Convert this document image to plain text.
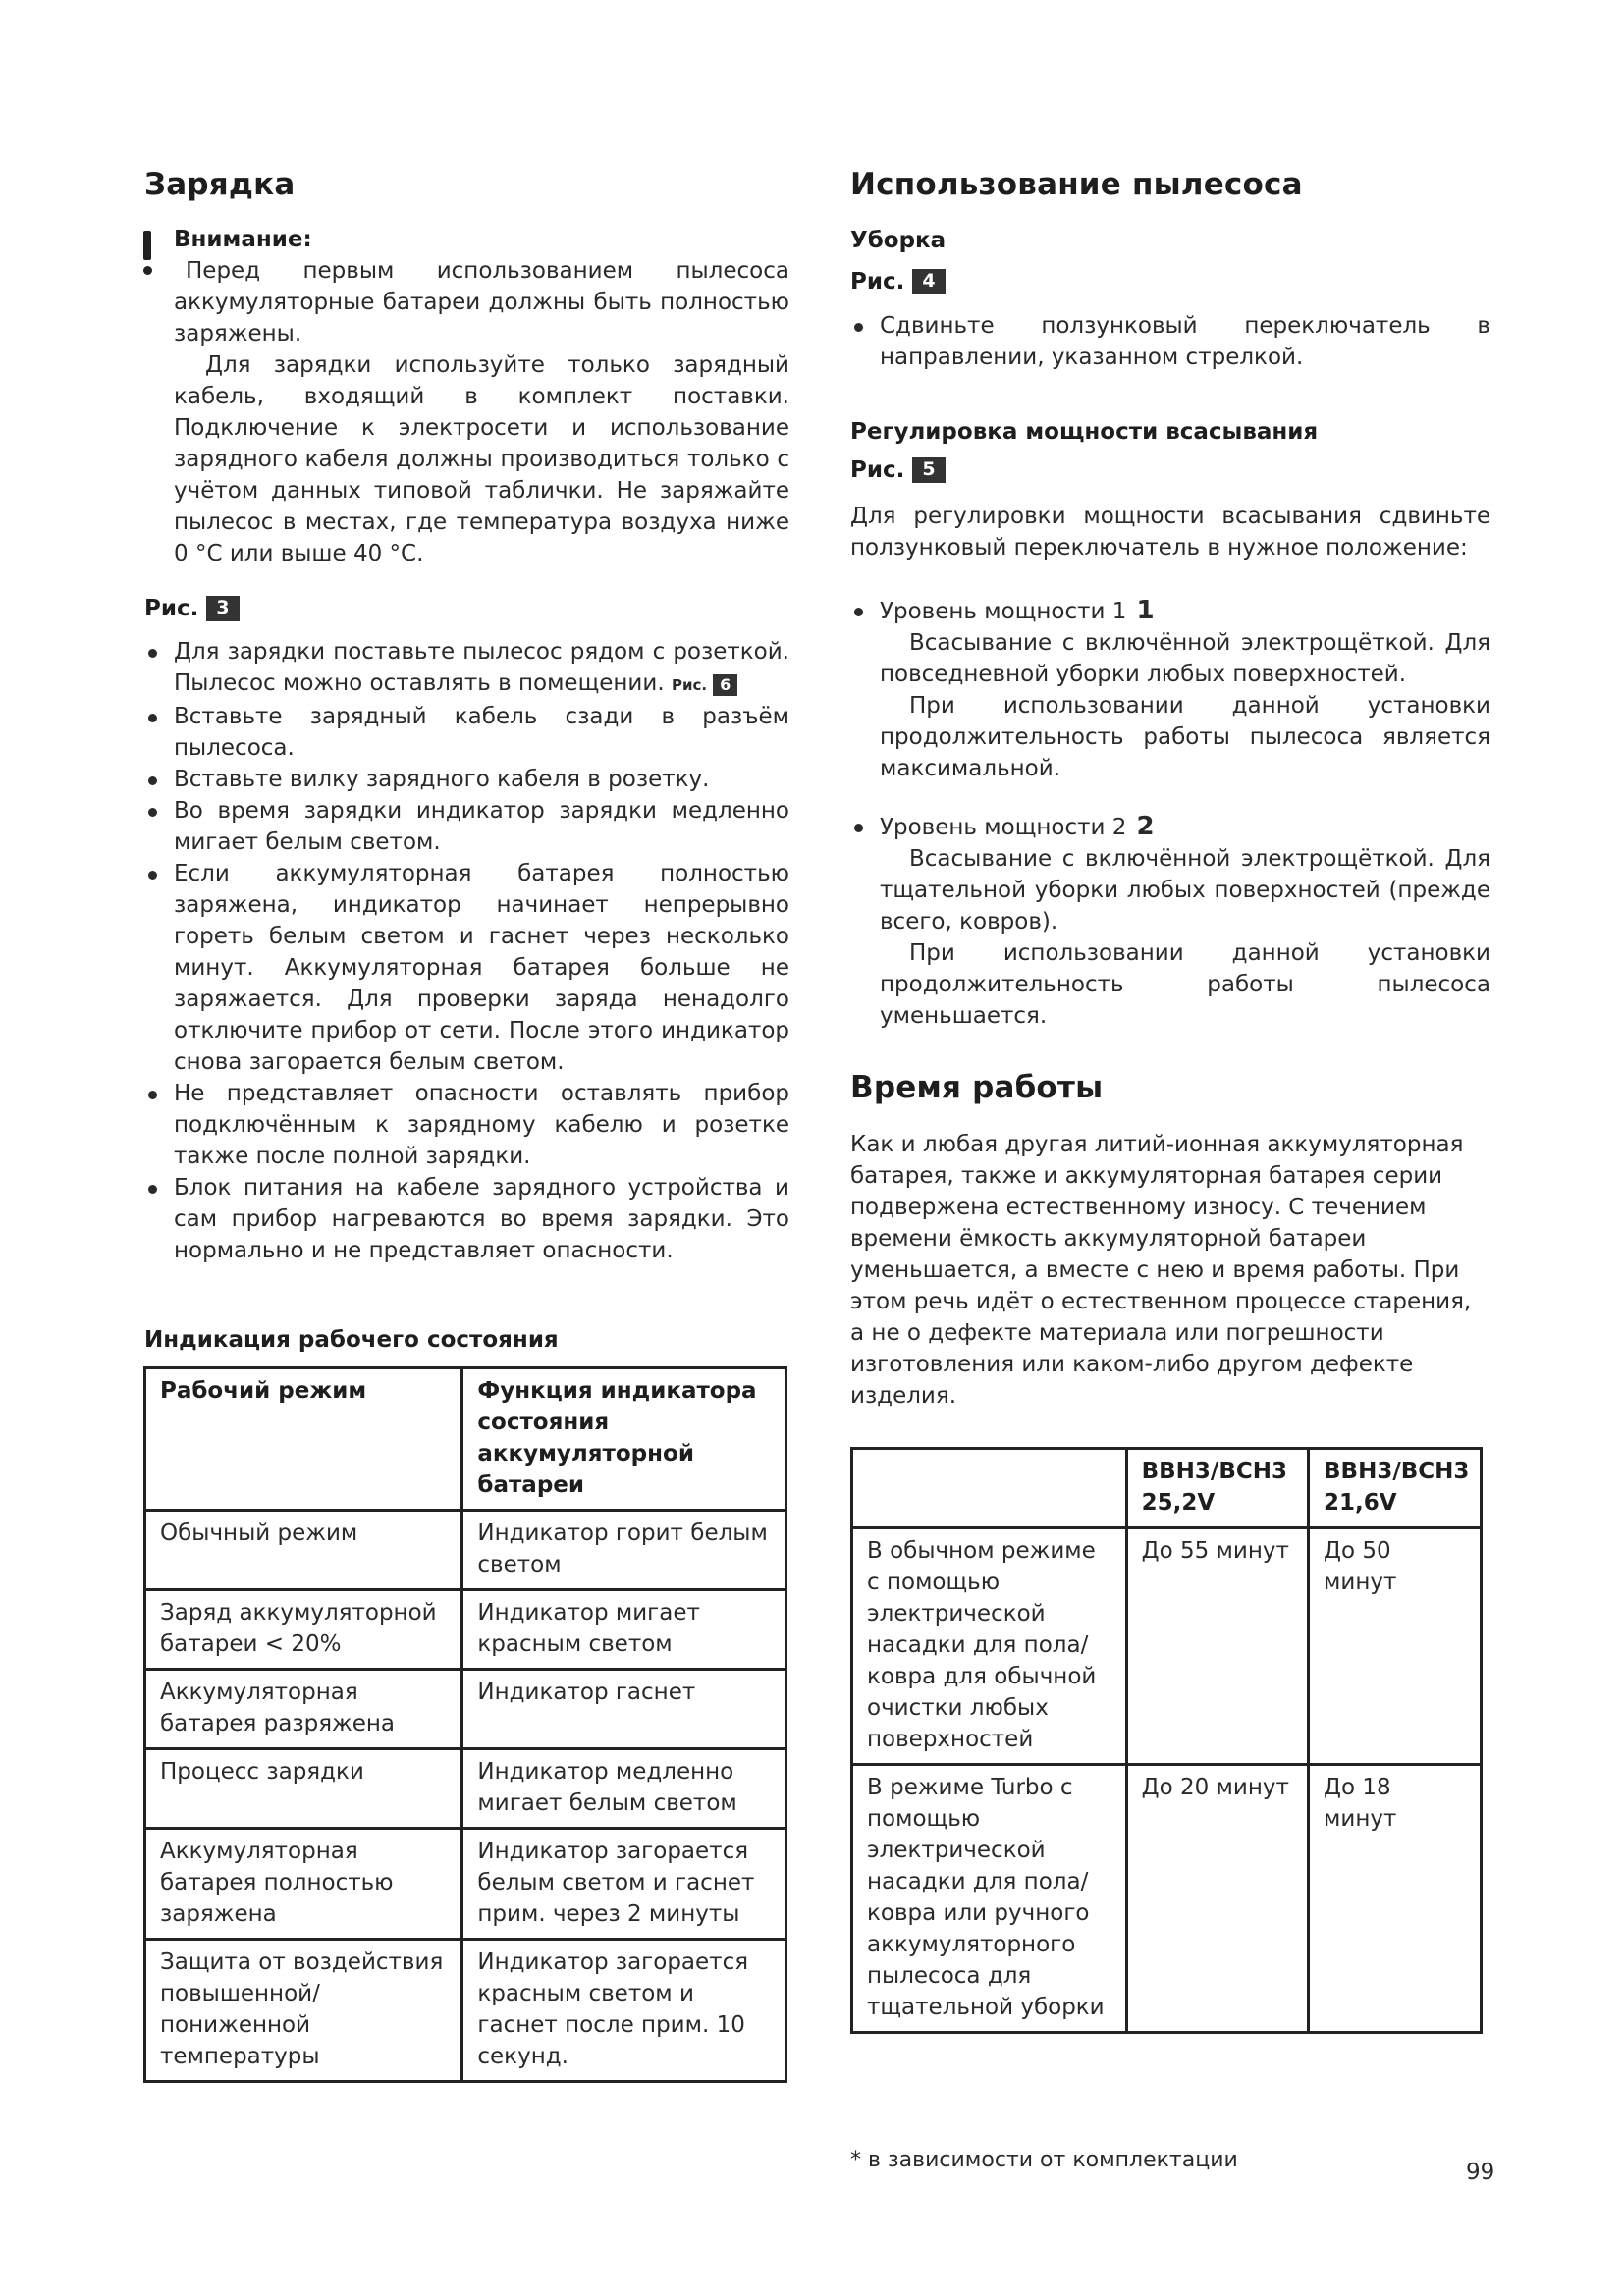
Зарядка
Внимание:

Перед первым использованием пылесоса аккумуляторные батареи должны быть полностью заряжены.

Для зарядки используйте только зарядный кабель, входящий в комплект поставки. Подключение к электросети и использование зарядного кабеля должны производиться только с учётом данных типовой таблички. Не заряжайте пылесос в местах, где температура воздуха ниже 0 °C или выше 40 °C.

Рис. 3
Для зарядки поставьте пылесос рядом с розеткой. Пылесос можно оставлять в помещении. Рис. 6
Вставьте зарядный кабель сзади в разъём пылесоса.
Вставьте вилку зарядного кабеля в розетку.
Во время зарядки индикатор зарядки медленно мигает белым светом.
Если аккумуляторная батарея полностью заряжена, индикатор начинает непрерывно гореть белым светом и гаснет через несколько минут. Аккумуляторная батарея больше не заряжается. Для проверки заряда ненадолго отключите прибор от сети. После этого индикатор снова загорается белым светом.
Не представляет опасности оставлять прибор подключённым к зарядному кабелю и розетке также после полной зарядки.
Блок питания на кабеле зарядного устройства и сам прибор нагреваются во время зарядки. Это нормально и не представляет опасности.
Индикация рабочего состояния
Рабочий режим	Функция индикатора состояния аккумуляторной батареи
Обычный режим	Индикатор горит белым светом
Заряд аккумуляторной батареи < 20%	Индикатор мигает красным светом
Аккумуляторная батарея разряжена	Индикатор гаснет
Процесс зарядки	Индикатор медленно мигает белым светом
Аккумуляторная батарея полностью заряжена	Индикатор загорается белым светом и гаснет прим. через 2 минуты
Защита от воздействия повышенной/ пониженной температуры	Индикатор загорается красным светом и гаснет после прим. 10 секунд.
Использование пылесоса
Уборка
Рис. 4
Сдвиньте ползунковый переключатель в направлении, указанном стрелкой.
Регулировка мощности всасывания
Рис. 5

Для регулировки мощности всасывания сдвиньте ползунковый переключатель в нужное положение:

Уровень мощности 1 1
Всасывание с включённой электрощёткой. Для повседневной уборки любых поверхностей.
При использовании данной установки продолжительность работы пылесоса является максимальной.
Уровень мощности 2 2
Всасывание с включённой электрощёткой. Для тщательной уборки любых поверхностей (прежде всего, ковров).
При использовании данной установки продолжительность работы пылесоса уменьшается.
Время работы

Как и любая другая литий-ионная аккумуляторная батарея, также и аккумуляторная батарея серии подвержена естественному износу. С течением времени ёмкость аккумуляторной батареи уменьшается, а вместе с нею и время работы. При этом речь идёт о естественном процессе старения, а не о дефекте материала или погрешности изготовления или каком-либо другом дефекте изделия.

	BBH3/BCH3 25,2V	BBH3/BCH3 21,6V
В обычном режиме с помощью электрической насадки для пола/ ковра для обычной очистки любых поверхностей	До 55 минут	До 50 минут
В режиме Turbo с помощью электрической насадки для пола/ ковра или ручного аккумуляторного пылесоса для тщательной уборки	До 20 минут	До 18 минут
* в зависимости от комплектации	99
